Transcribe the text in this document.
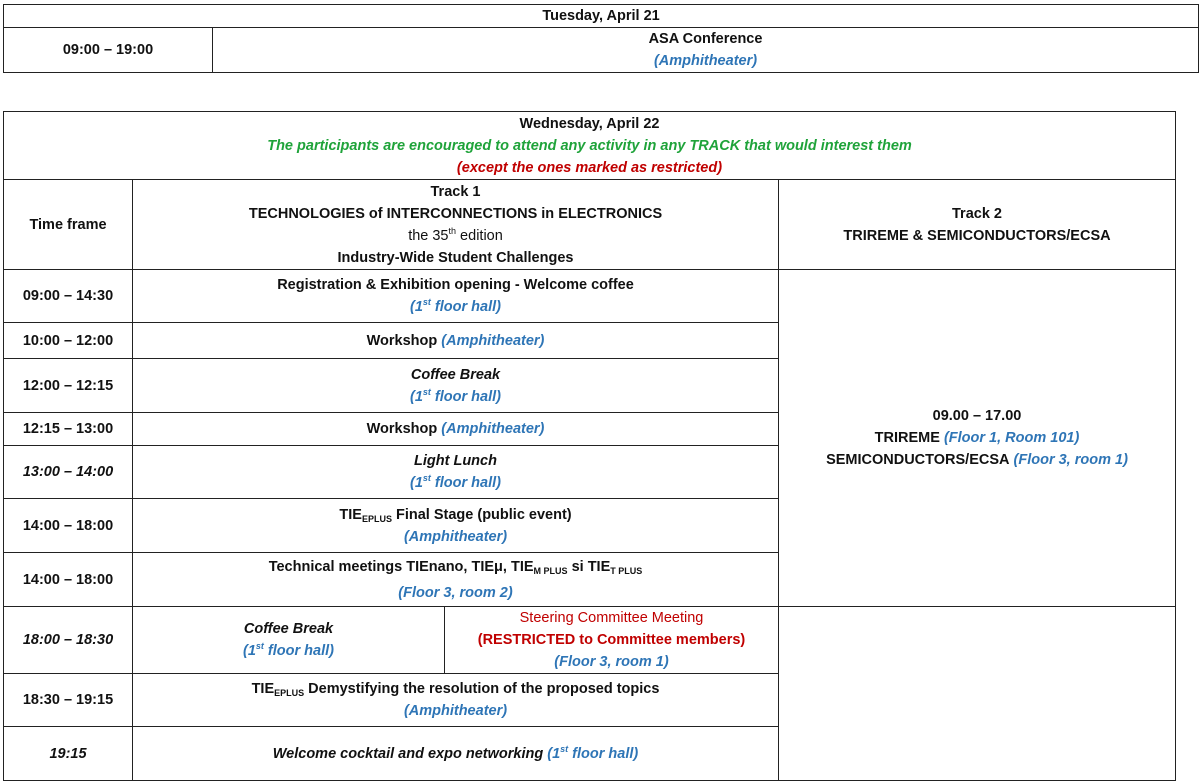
Tuesday, April 21
09:00 – 19:00	
ASA Conference
(Amphitheater)
Wednesday, April 22
The participants are encouraged to attend any activity in any TRACK that would interest them
(except the ones marked as restricted)			

Time frame	Track 1
TECHNOLOGIES of INTERCONNECTIONS in ELECTRONICS
the 35th edition
Industry-Wide Student Challenges		Track 2
TRIREME & SEMICONDUCTORS/ECSA

09:00 – 14:30	Registration & Exhibition opening - Welcome coffee
(1st floor hall)		09.00 – 17.00
TRIREME (Floor 1, Room 101)
SEMICONDUCTORS/ECSA (Floor 3, room 1)

10:00 – 12:00	Workshop (Amphitheater)		
12:00 – 12:15	Coffee Break
(1st floor hall)		

12:15 – 13:00	Workshop (Amphitheater)		
13:00 – 14:00	Light Lunch
(1st floor hall)		

14:00 – 18:00	$TIE_{EPLUS}$ Final Stage (public event)
(Amphitheater)		

14:00 – 18:00	Technical meetings TIEnano, TIEμ, $TIE_{M PLUS}$ si $TIE_{T PLUS}$
(Floor 3, room 2)		

18:00 – 18:30	Coffee Break
(1st floor hall)	Steering Committee Meeting
(RESTRICTED to Committee members)
(Floor 3, room 1)	

18:30 – 19:15	$TIE_{EPLUS}$ Demystifying the resolution of the proposed topics
(Amphitheater)		

19:15	Welcome cocktail and expo networking (1st floor hall)		
